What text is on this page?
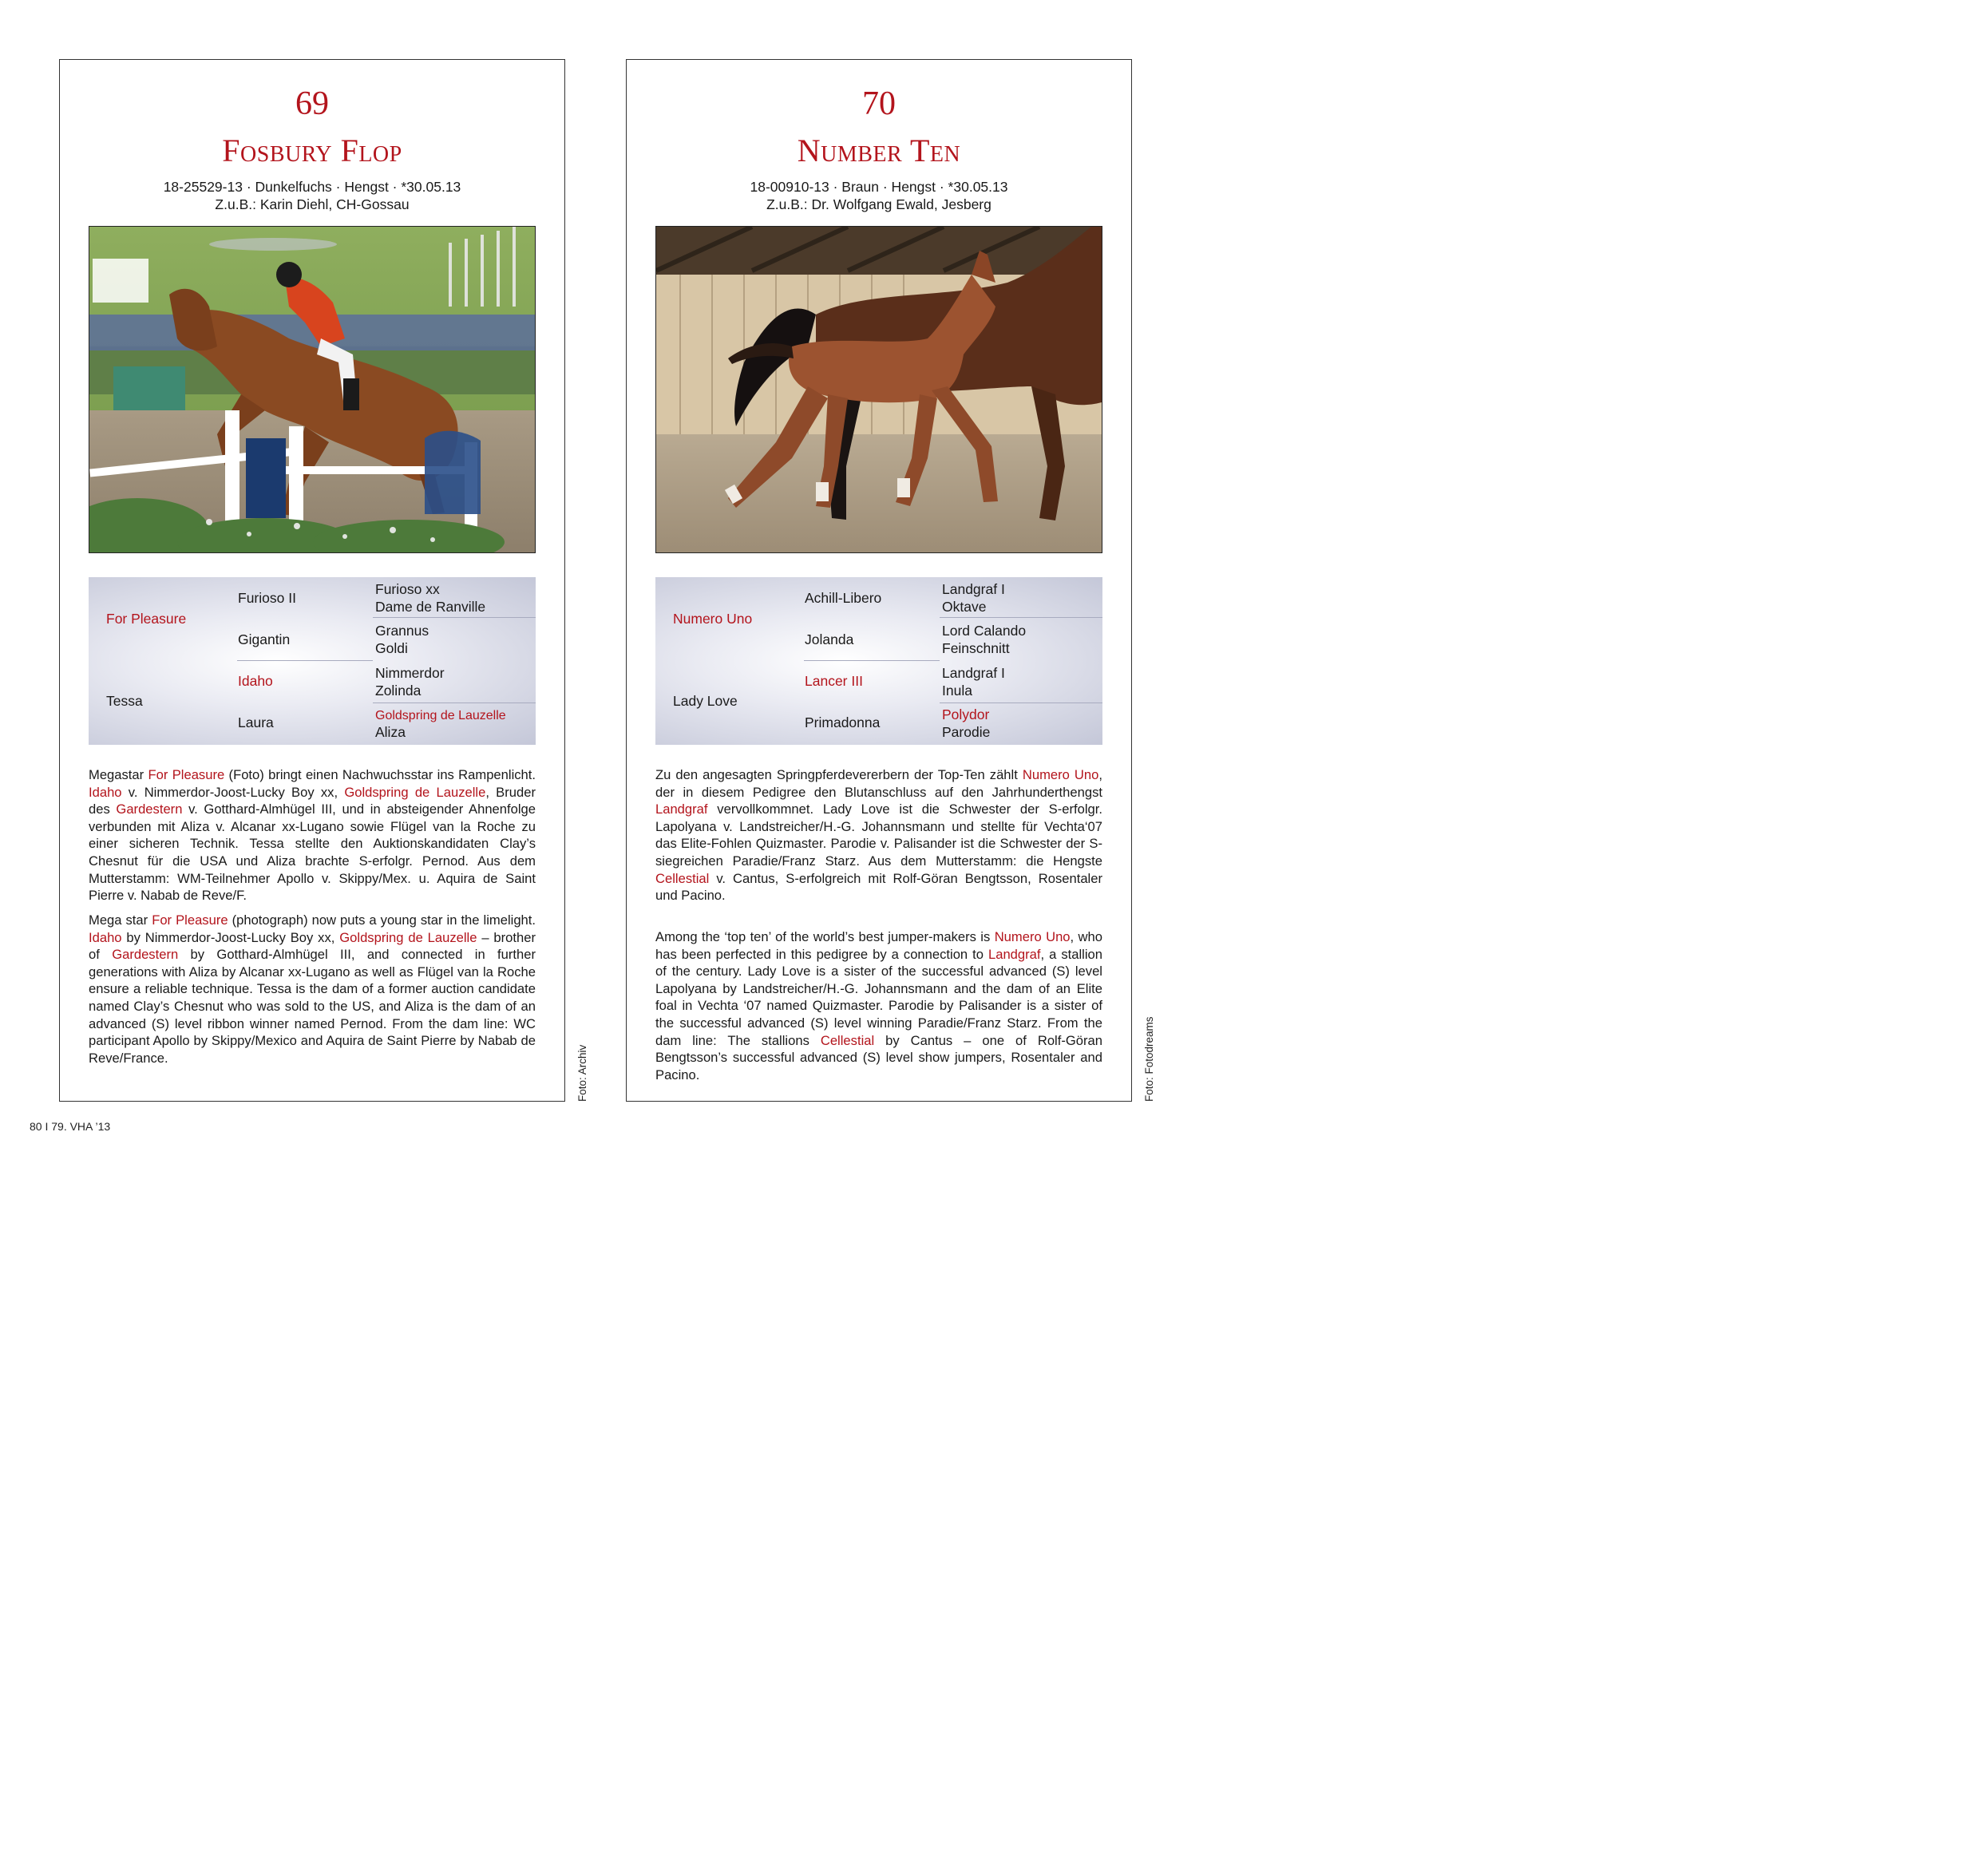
69
Fosbury Flop
18-25529-13 · Dunkelfuchs · Hengst · *30.05.13
Z.u.B.: Karin Diehl, CH-Gossau
For Pleasure
Tessa
Furioso II
Gigantin
Idaho
Laura
Furioso xx
Dame de Ranville
Grannus
Goldi
Nimmerdor
Zolinda
Goldspring de Lauzelle
Aliza
Megastar For Pleasure (Foto) bringt einen Nachwuchsstar ins Rampenlicht. Idaho v. Nimmerdor-Joost-Lucky Boy xx, Goldspring de Lauzelle, Bruder des Gardestern v. Gotthard-Almhügel III, und in absteigender Ahnenfolge verbunden mit Aliza v. Alcanar xx-Lugano sowie Flügel van la Roche zu einer sicheren Technik. Tessa stellte den Auktionskandidaten Clay’s Chesnut für die USA und Aliza brachte S-erfolgr. Pernod. Aus dem Mutterstamm: WM-Teilnehmer Apollo v. Skippy/Mex. u. Aquira de Saint Pierre v. Nabab de Reve/F.
Mega star For Pleasure (photograph) now puts a young star in the limelight. Idaho by Nimmerdor-Joost-Lucky Boy xx, Goldspring de Lauzelle – brother of Gardestern by Gotthard-Almhügel III, and connected in further generations with Aliza by Alcanar xx-Lugano as well as Flügel van la Roche ensure a reliable technique. Tessa is the dam of a former auction candidate named Clay’s Chesnut who was sold to the US, and Aliza is the dam of an advanced (S) level ribbon winner named Pernod. From the dam line: WC participant Apollo by Skippy/Mexico and Aquira de Saint Pierre by Nabab de Reve/France.	Foto: Archiv
70
Number Ten
18-00910-13 · Braun · Hengst · *30.05.13
Z.u.B.: Dr. Wolfgang Ewald, Jesberg
Numero Uno
Lady Love
Achill-Libero
Jolanda
Lancer III
Primadonna
Landgraf I
Oktave
Lord Calando
Feinschnitt
Landgraf I
Inula
Polydor
Parodie
Zu den angesagten Springpferdevererbern der Top-Ten zählt Numero Uno, der in diesem Pedigree den Blutanschluss auf den Jahrhunderthengst Landgraf vervollkommnet. Lady Love ist die Schwester der S-erfolgr. Lapolyana v. Landstreicher/H.-G. Johannsmann und stellte für Vechta‘07 das Elite-Fohlen Quizmaster. Parodie v. Palisander ist die Schwester der S-siegreichen Paradie/Franz Starz. Aus dem Mutterstamm: die Hengste Cellestial v. Cantus, S-erfolgreich mit Rolf-Göran Bengtsson, Rosentaler und Pacino.
Among the ‘top ten’ of the world’s best jumper-makers is Numero Uno, who has been perfected in this pedigree by a connection to Landgraf, a stallion of the century. Lady Love is a sister of the successful advanced (S) level Lapolyana by Landstreicher/H.-G. Johannsmann and the dam of an Elite foal in Vechta ‘07 named Quizmaster. Parodie by Palisander is a sister of the successful advanced (S) level winning Paradie/Franz Starz. From the dam line: The stallions Cellestial by Cantus – one of Rolf-Göran Bengtsson’s successful advanced (S) level show jumpers, Rosentaler and Pacino.	Foto: Fotodreams
80 I 79. VHA ’13
